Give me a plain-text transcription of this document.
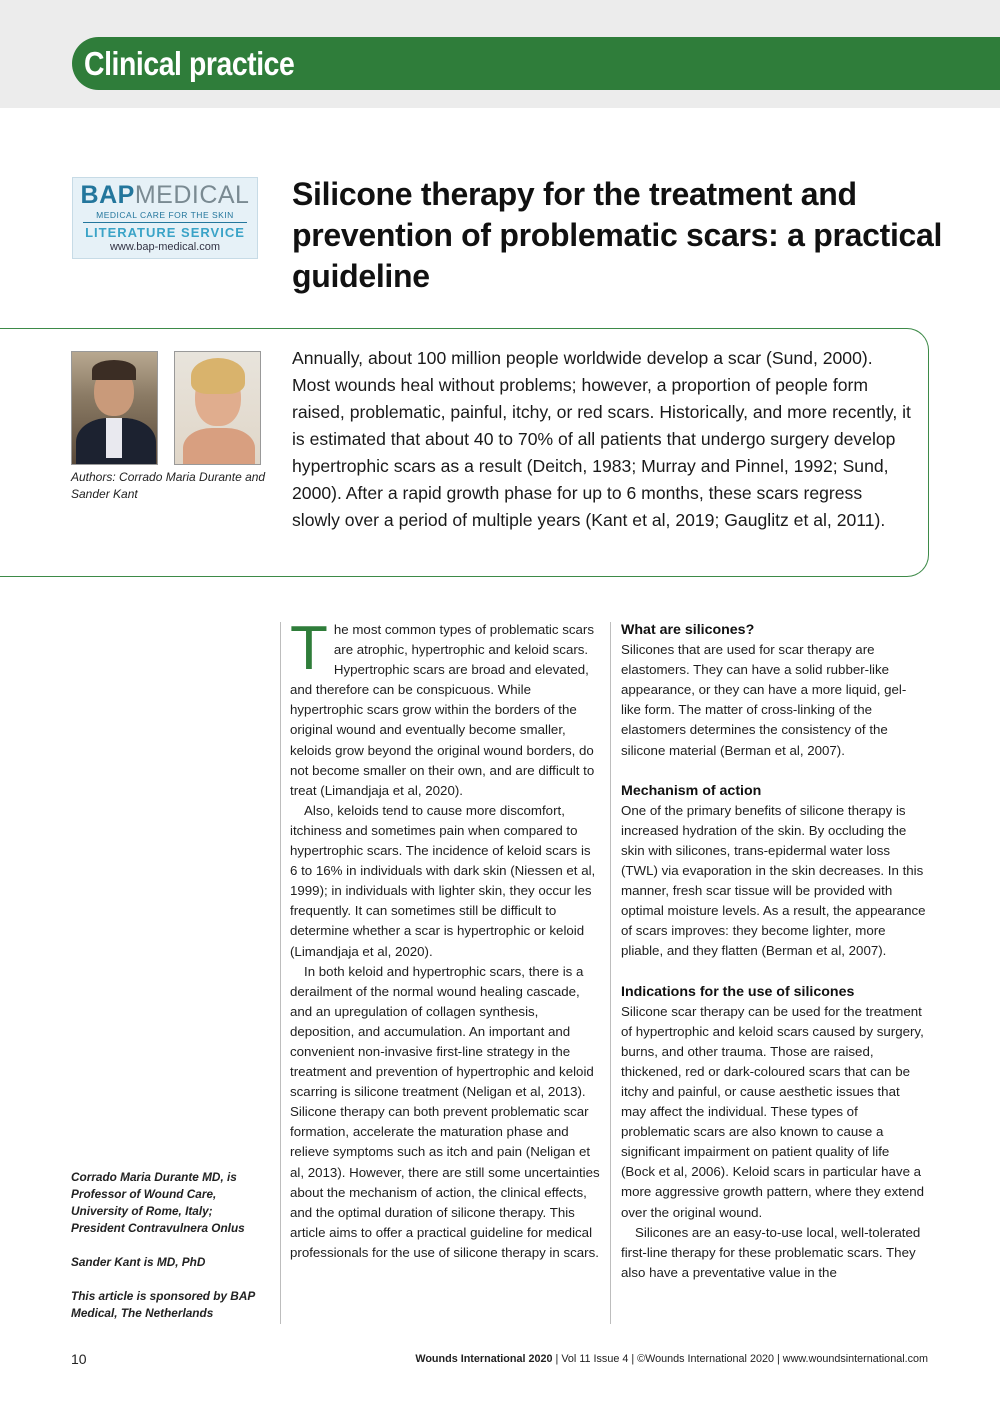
Clinical practice
BAPMEDICAL
MEDICAL CARE FOR THE SKIN
LITERATURE SERVICE
www.bap-medical.com
Silicone therapy for the treatment and prevention of problematic scars: a practical guideline
Authors: Corrado Maria Durante and Sander Kant

Annually, about 100 million people worldwide develop a scar (Sund, 2000). Most wounds heal without problems; however, a proportion of people form raised, problematic, painful, itchy, or red scars. Historically, and more recently, it is estimated that about 40 to 70% of all patients that undergo surgery develop hypertrophic scars as a result (Deitch, 1983; Murray and Pinnel, 1992; Sund, 2000). After a rapid growth phase for up to 6 months, these scars regress slowly over a period of multiple years (Kant et al, 2019; Gauglitz et al, 2011).

Corrado Maria Durante MD, is Professor of Wound Care, University of Rome, Italy; President Contravulnera Onlus

Sander Kant is MD, PhD

This article is sponsored by BAP Medical, The Netherlands

The most common types of problematic scars are atrophic, hypertrophic and keloid scars. Hypertrophic scars are broad and elevated, and therefore can be conspicuous. While hypertrophic scars grow within the borders of the original wound and eventually become smaller, keloids grow beyond the original wound borders, do not become smaller on their own, and are difficult to treat (Limandjaja et al, 2020).

Also, keloids tend to cause more discomfort, itchiness and sometimes pain when compared to hypertrophic scars. The incidence of keloid scars is 6 to 16% in individuals with dark skin (Niessen et al, 1999); in individuals with lighter skin, they occur les frequently. It can sometimes still be difficult to determine whether a scar is hypertrophic or keloid (Limandjaja et al, 2020).

In both keloid and hypertrophic scars, there is a derailment of the normal wound healing cascade, and an upregulation of collagen synthesis, deposition, and accumulation. An important and convenient non-invasive first-line strategy in the treatment and prevention of hypertrophic and keloid scarring is silicone treatment (Neligan et al, 2013). Silicone therapy can both prevent problematic scar formation, accelerate the maturation phase and relieve symptoms such as itch and pain (Neligan et al, 2013). However, there are still some uncertainties about the mechanism of action, the clinical effects, and the optimal duration of silicone therapy. This article aims to offer a practical guideline for medical professionals for the use of silicone therapy in scars.

What are silicones?

Silicones that are used for scar therapy are elastomers. They can have a solid rubber-like appearance, or they can have a more liquid, gel-like form. The matter of cross-linking of the elastomers determines the consistency of the silicone material (Berman et al, 2007).

Mechanism of action

One of the primary benefits of silicone therapy is increased hydration of the skin. By occluding the skin with silicones, trans-epidermal water loss (TWL) via evaporation in the skin decreases. In this manner, fresh scar tissue will be provided with optimal moisture levels. As a result, the appearance of scars improves: they become lighter, more pliable, and they flatten (Berman et al, 2007).

Indications for the use of silicones

Silicone scar therapy can be used for the treatment of hypertrophic and keloid scars caused by surgery, burns, and other trauma. Those are raised, thickened, red or dark-coloured scars that can be itchy and painful, or cause aesthetic issues that may affect the individual. These types of problematic scars are also known to cause a significant impairment on patient quality of life (Bock et al, 2006). Keloid scars in particular have a more aggressive growth pattern, where they extend over the original wound.

Silicones are an easy-to-use local, well-tolerated first-line therapy for these problematic scars. They also have a preventative value in the

10	Wounds International 2020 | Vol 11 Issue 4 | ©Wounds International 2020 | www.woundsinternational.com
